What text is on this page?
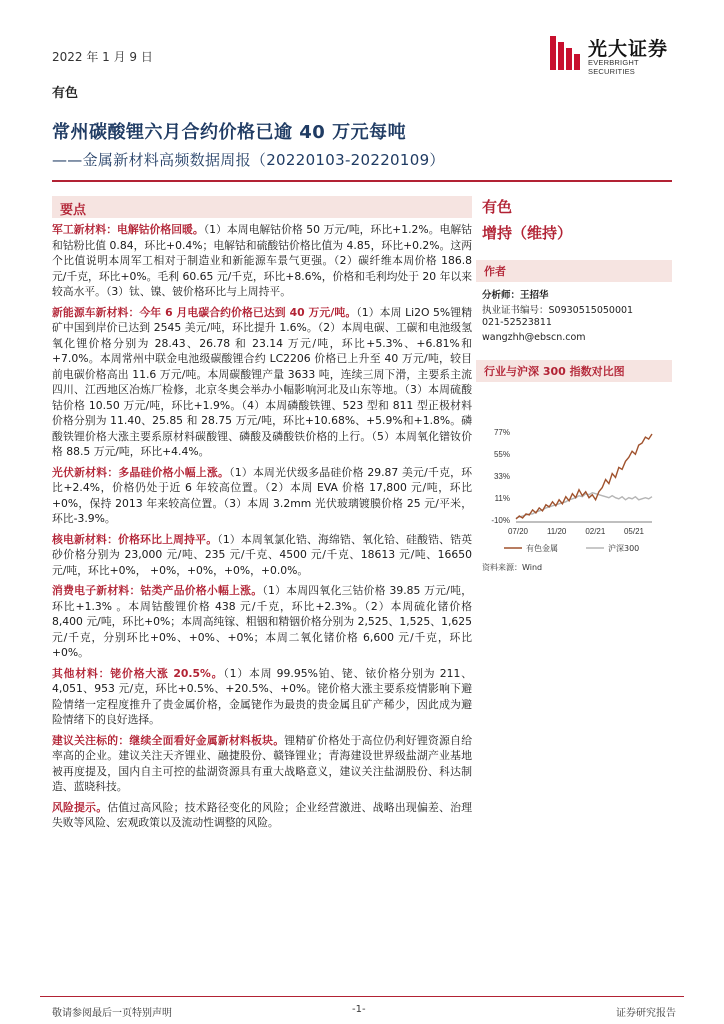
2022 年 1 月 9 日	光大证券
EVERBRIGHT SECURITIES
有色
常州碳酸锂六月合约价格已逾 40 万元每吨
——金属新材料高频数据周报（20220103-20220109）
要点

军工新材料：电解钴价格回暖。（1）本周电解钴价格 50 万元/吨，环比+1.2%。电解钴和钴粉比值 0.84，环比+0.4%；电解钴和硫酸钴价格比值为 4.85，环比+0.2%。这两个比值说明本周军工相对于制造业和新能源车景气更强。（2）碳纤维本周价格 186.8 元/千克，环比+0%。毛利 60.65 元/千克，环比+8.6%，价格和毛利均处于 20 年以来较高水平。（3）钛、镍、铍价格环比与上周持平。

新能源车新材料：今年 6 月电碳合约价格已达到 40 万元/吨。（1）本周 Li2O 5%锂精矿中国到岸价已达到 2545 美元/吨，环比提升 1.6%。（2）本周电碳、工碳和电池级氢氧化锂价格分别为 28.43、26.78 和 23.14 万元/吨，环比+5.3%、+6.81%和+7.0%。本周常州中联金电池级碳酸锂合约 LC2206 价格已上升至 40 万元/吨，较目前电碳价格高出 11.6 万元/吨。本周碳酸锂产量 3633 吨，连续三周下滑，主要系主流四川、江西地区冶炼厂检修，北京冬奥会举办小幅影响河北及山东等地。（3）本周硫酸钴价格 10.50 万元/吨，环比+1.9%。（4）本周磷酸铁锂、523 型和 811 型正极材料价格分别为 11.40、25.85 和 28.75 万元/吨，环比+10.68%、+5.9%和+1.8%。磷酸铁锂价格大涨主要系原材料碳酸锂、磷酸及磷酸铁价格的上行。（5）本周氧化镨钕价格 88.5 万元/吨，环比+4.4%。

光伏新材料：多晶硅价格小幅上涨。（1）本周光伏级多晶硅价格 29.87 美元/千克，环比+2.4%，价格仍处于近 6 年较高位置。（2）本周 EVA 价格 17,800 元/吨，环比+0%，保持 2013 年来较高位置。（3）本周 3.2mm 光伏玻璃镀膜价格 25 元/平米，环比-3.9%。

核电新材料：价格环比上周持平。（1）本周氧氯化锆、海绵锆、氧化铪、硅酸锆、锆英砂价格分别为 23,000 元/吨、235 元/千克、4500 元/千克、18613 元/吨、16650 元/吨，环比+0%， +0%，+0%，+0%，+0.0%。

消费电子新材料：钴类产品价格小幅上涨。（1）本周四氧化三钴价格 39.85 万元/吨，环比+1.3% 。本周钴酸锂价格 438 元/千克，环比+2.3%。（2）本周硫化锗价格 8,400 元/吨，环比+0%；本周高纯镓、粗铟和精铟价格分别为 2,525、1,525、1,625 元/千克，分别环比+0%、+0%、+0%；本周二氧化锗价格 6,600 元/千克，环比+0%。

其他材料：铑价格大涨 20.5%。（1）本周 99.95%铂、铑、铱价格分别为 211、4,051、953 元/克，环比+0.5%、+20.5%、+0%。铑价格大涨主要系疫情影响下避险情绪一定程度推升了贵金属价格，金属铑作为最贵的贵金属且矿产稀少，因此成为避险情绪下的良好选择。

建议关注标的：继续全面看好金属新材料板块。锂精矿价格处于高位仍利好锂资源自给率高的企业。建议关注天齐锂业、融捷股份、赣锋锂业；青海建设世界级盐湖产业基地被再度提及，国内自主可控的盐湖资源具有重大战略意义，建议关注盐湖股份、科达制造、蓝晓科技。

风险提示。估值过高风险；技术路径变化的风险；企业经营激进、战略出现偏差、治理失败等风险、宏观政策以及流动性调整的风险。

有色
增持（维持）
作者
分析师：王招华
执业证书编号：S0930515050001
021-52523811
wangzhh@ebscn.com
行业与沪深 300 指数对比图
77%
55%
33%
11%
-10%
07/20 11/20 02/21 05/21
有色金属	沪深300
资料来源：Wind
敬请参阅最后一页特别声明	-1-	证券研究报告
